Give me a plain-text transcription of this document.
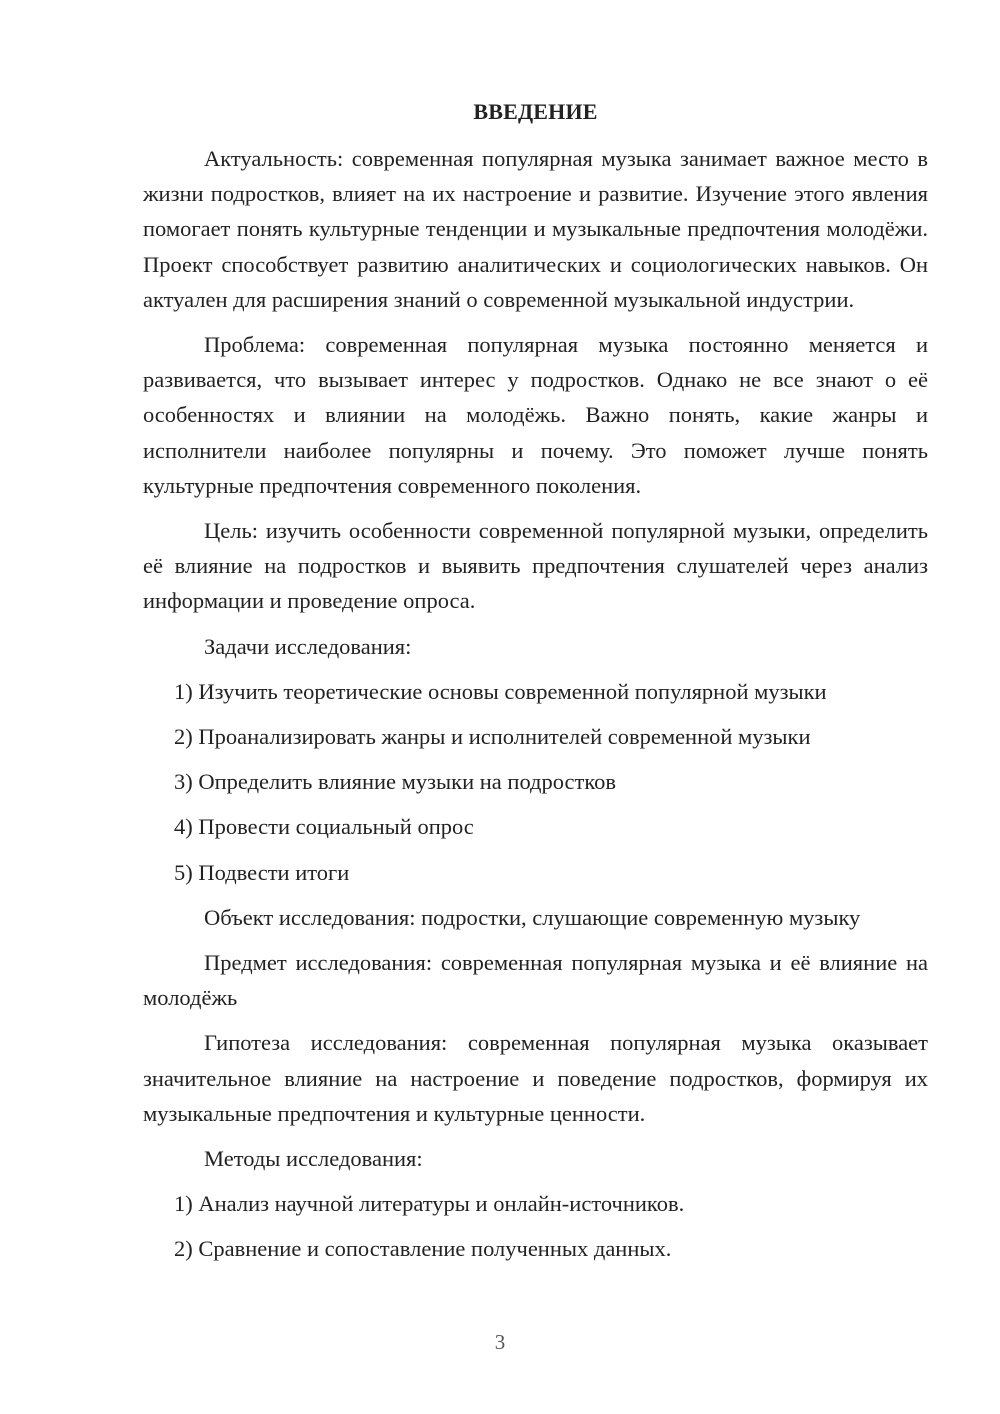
ВВЕДЕНИЕ

Актуальность: современная популярная музыка занимает важное место в жизни подростков, влияет на их настроение и развитие. Изучение этого явления помогает понять культурные тенденции и музыкальные предпочтения молодёжи. Проект способствует развитию аналитических и социологических навыков. Он актуален для расширения знаний о современной музыкальной индустрии.

Проблема: современная популярная музыка постоянно меняется и развивается, что вызывает интерес у подростков. Однако не все знают о её особенностях и влиянии на молодёжь. Важно понять, какие жанры и исполнители наиболее популярны и почему. Это поможет лучше понять культурные предпочтения современного поколения.

Цель: изучить особенности современной популярной музыки, определить её влияние на подростков и выявить предпочтения слушателей через анализ информации и проведение опроса.

Задачи исследования:

1) Изучить теоретические основы современной популярной музыки
2) Проанализировать жанры и исполнителей современной музыки
3) Определить влияние музыки на подростков
4) Провести социальный опрос
5) Подвести итоги

Объект исследования: подростки, слушающие современную музыку

Предмет исследования: современная популярная музыка и её влияние на молодёжь

Гипотеза исследования: современная популярная музыка оказывает значительное влияние на настроение и поведение подростков, формируя их музыкальные предпочтения и культурные ценности.

Методы исследования:

1) Анализ научной литературы и онлайн-источников.
2) Сравнение и сопоставление полученных данных.
3
